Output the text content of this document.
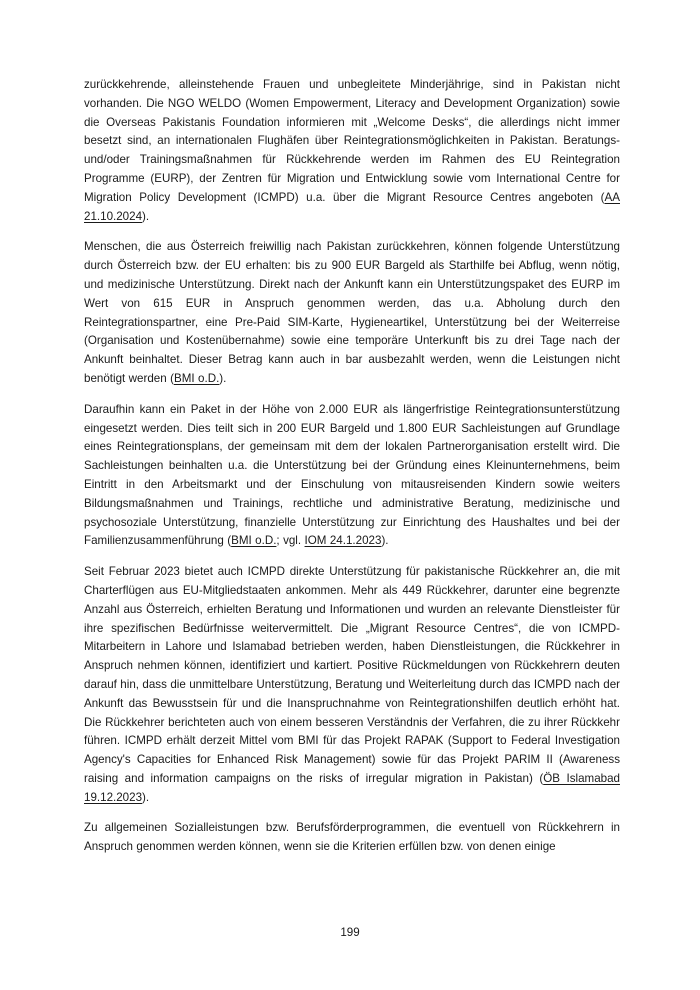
zurückkehrende, alleinstehende Frauen und unbegleitete Minderjährige, sind in Pakistan nicht vorhanden. Die NGO WELDO (Women Empowerment, Literacy and Development Organization) sowie die Overseas Pakistanis Foundation informieren mit „Welcome Desks“, die allerdings nicht immer besetzt sind, an internationalen Flughäfen über Reintegrationsmöglichkeiten in Pakistan. Beratungs- und/oder Trainingsmaßnahmen für Rückkehrende werden im Rahmen des EU Reintegration Programme (EURP), der Zentren für Migration und Entwicklung sowie vom International Centre for Migration Policy Development (ICMPD) u.a. über die Migrant Resource Centres angeboten (AA 21.10.2024).

Menschen, die aus Österreich freiwillig nach Pakistan zurückkehren, können folgende Unterstützung durch Österreich bzw. der EU erhalten: bis zu 900 EUR Bargeld als Starthilfe bei Abflug, wenn nötig, und medizinische Unterstützung. Direkt nach der Ankunft kann ein Unterstützungspaket des EURP im Wert von 615 EUR in Anspruch genommen werden, das u.a. Abholung durch den Reintegrationspartner, eine Pre-Paid SIM-Karte, Hygieneartikel, Unterstützung bei der Weiterreise (Organisation und Kostenübernahme) sowie eine temporäre Unterkunft bis zu drei Tage nach der Ankunft beinhaltet. Dieser Betrag kann auch in bar ausbezahlt werden, wenn die Leistungen nicht benötigt werden (BMI o.D.).

Daraufhin kann ein Paket in der Höhe von 2.000 EUR als längerfristige Reintegrationsunterstützung eingesetzt werden. Dies teilt sich in 200 EUR Bargeld und 1.800 EUR Sachleistungen auf Grundlage eines Reintegrationsplans, der gemeinsam mit dem der lokalen Partnerorganisation erstellt wird. Die Sachleistungen beinhalten u.a. die Unterstützung bei der Gründung eines Kleinunternehmens, beim Eintritt in den Arbeitsmarkt und der Einschulung von mitausreisenden Kindern sowie weiters Bildungsmaßnahmen und Trainings, rechtliche und administrative Beratung, medizinische und psychosoziale Unterstützung, finanzielle Unterstützung zur Einrichtung des Haushaltes und bei der Familienzusammenführung (BMI o.D.; vgl. IOM 24.1.2023).

Seit Februar 2023 bietet auch ICMPD direkte Unterstützung für pakistanische Rückkehrer an, die mit Charterflügen aus EU-Mitgliedstaaten ankommen. Mehr als 449 Rückkehrer, darunter eine begrenzte Anzahl aus Österreich, erhielten Beratung und Informationen und wurden an relevante Dienstleister für ihre spezifischen Bedürfnisse weitervermittelt. Die „Migrant Resource Centres“, die von ICMPD-Mitarbeitern in Lahore und Islamabad betrieben werden, haben Dienstleistungen, die Rückkehrer in Anspruch nehmen können, identifiziert und kartiert. Positive Rückmeldungen von Rückkehrern deuten darauf hin, dass die unmittelbare Unterstützung, Beratung und Weiterleitung durch das ICMPD nach der Ankunft das Bewusstsein für und die Inanspruchnahme von Reintegrationshilfen deutlich erhöht hat. Die Rückkehrer berichteten auch von einem besseren Verständnis der Verfahren, die zu ihrer Rückkehr führen. ICMPD erhält derzeit Mittel vom BMI für das Projekt RAPAK (Support to Federal Investigation Agency's Capacities for Enhanced Risk Management) sowie für das Projekt PARIM II (Awareness raising and information campaigns on the risks of irregular migration in Pakistan) (ÖB Islamabad 19.12.2023).

Zu allgemeinen Sozialleistungen bzw. Berufsförderprogrammen, die eventuell von Rückkehrern in Anspruch genommen werden können, wenn sie die Kriterien erfüllen bzw. von denen einige

199
